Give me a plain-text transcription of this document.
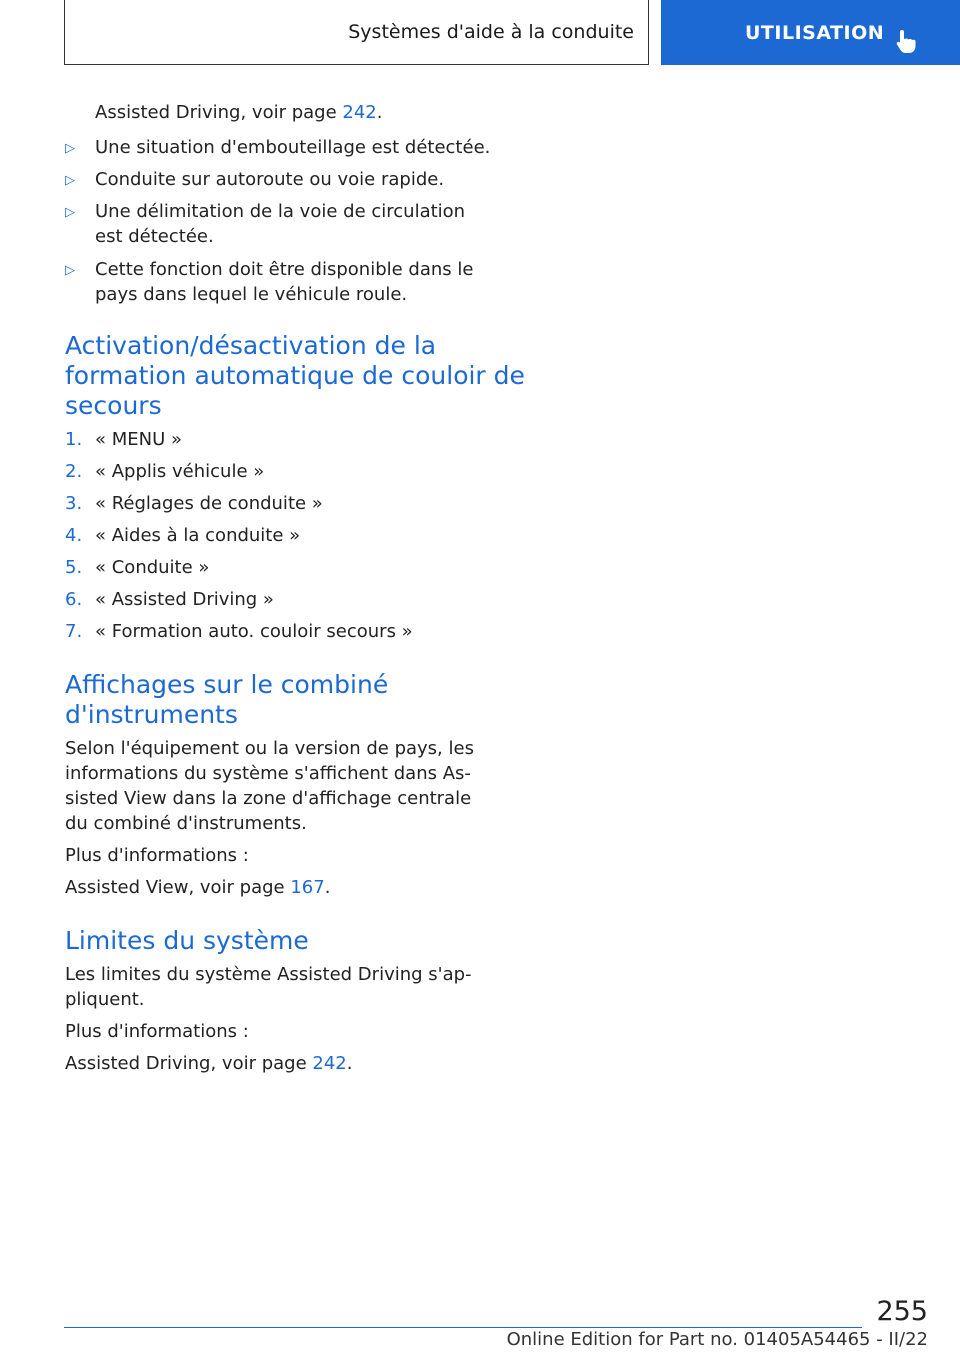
Systèmes d'aide à la conduite	UTILISATION
Assisted Driving, voir page 242.
▷ Une situation d'embouteillage est détectée.
▷ Conduite sur autoroute ou voie rapide.
▷ Une délimitation de la voie de circulation
est détectée.
▷ Cette fonction doit être disponible dans le
pays dans lequel le véhicule roule.
Activation/désactivation de la
formation automatique de couloir de
secours
1. « MENU »
2. « Applis véhicule »
3. « Réglages de conduite »
4. « Aides à la conduite »
5. « Conduite »
6. « Assisted Driving »
7. « Formation auto. couloir secours »
Affichages sur le combiné
d'instruments
Selon l'équipement ou la version de pays, les
informations du système s'affichent dans As-
sisted View dans la zone d'affichage centrale
du combiné d'instruments.
Plus d'informations :
Assisted View, voir page 167.
Limites du système
Les limites du système Assisted Driving s'ap-
pliquent.
Plus d'informations :
Assisted Driving, voir page 242.
255
Online Edition for Part no. 01405A54465 - II/22
